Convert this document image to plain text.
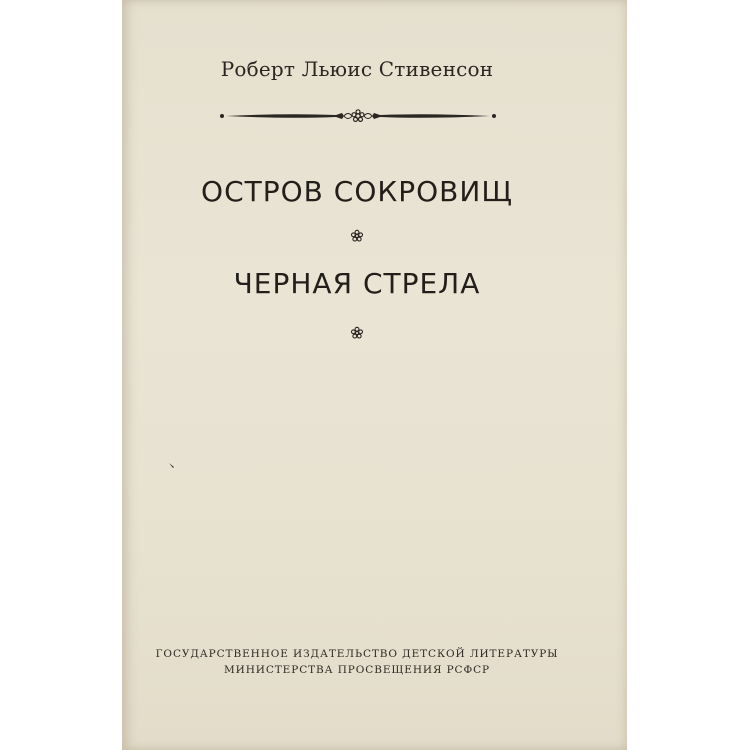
Роберт Льюис Стивенсон
ОСТРОВ СОКРОВИЩ
ЧЕРНАЯ СТРЕЛА
ГОСУДАРСТВЕННОЕ ИЗДАТЕЛЬСТВО ДЕТСКОЙ ЛИТЕРАТУРЫ
МИНИСТЕРСТВА ПРОСВЕЩЕНИЯ РСФСР
